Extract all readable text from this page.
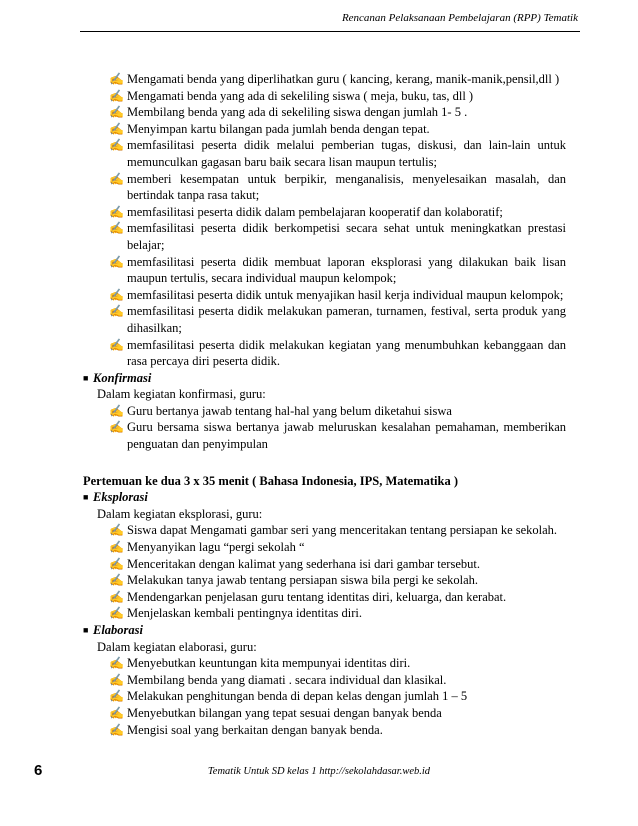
Rencanan Pelaksanaan Pembelajaran (RPP) Tematik
✍ Mengamati benda yang diperlihatkan guru ( kancing, kerang, manik-manik,pensil,dll )
✍ Mengamati benda yang ada di sekeliling siswa ( meja, buku, tas, dll )
✍ Membilang benda yang ada di sekeliling siswa dengan jumlah 1- 5 .
✍ Menyimpan kartu bilangan pada jumlah benda dengan tepat.
✍ memfasilitasi peserta didik melalui pemberian tugas, diskusi, dan lain-lain untuk memunculkan gagasan baru baik secara lisan maupun tertulis;
✍ memberi kesempatan untuk berpikir, menganalisis, menyelesaikan masalah, dan bertindak tanpa rasa takut;
✍ memfasilitasi peserta didik dalam pembelajaran kooperatif dan kolaboratif;
✍ memfasilitasi peserta didik berkompetisi secara sehat untuk meningkatkan prestasi belajar;
✍ memfasilitasi peserta didik membuat laporan eksplorasi yang dilakukan baik lisan maupun tertulis, secara individual maupun kelompok;
✍ memfasilitasi peserta didik untuk menyajikan hasil kerja individual maupun kelompok;
✍ memfasilitasi peserta didik melakukan pameran, turnamen, festival, serta produk yang dihasilkan;
✍ memfasilitasi peserta didik melakukan kegiatan yang menumbuhkan kebanggaan dan rasa percaya diri peserta didik.
■ Konfirmasi
Dalam kegiatan konfirmasi, guru:
✍ Guru bertanya jawab tentang hal-hal yang belum diketahui siswa
✍ Guru bersama siswa bertanya jawab meluruskan kesalahan pemahaman, memberikan penguatan dan penyimpulan
Pertemuan ke dua 3 x 35 menit ( Bahasa Indonesia, IPS, Matematika )
■ Eksplorasi
Dalam kegiatan eksplorasi, guru:
✍ Siswa dapat Mengamati gambar seri yang menceritakan tentang persiapan ke sekolah.
✍ Menyanyikan lagu “pergi sekolah “
✍ Menceritakan dengan kalimat yang sederhana isi dari gambar tersebut.
✍ Melakukan tanya jawab tentang persiapan siswa bila pergi ke sekolah.
✍ Mendengarkan penjelasan guru tentang identitas diri, keluarga, dan kerabat.
✍ Menjelaskan kembali pentingnya identitas diri.
■ Elaborasi
Dalam kegiatan elaborasi, guru:
✍ Menyebutkan keuntungan kita mempunyai identitas diri.
✍ Membilang benda yang diamati . secara individual dan klasikal.
✍ Melakukan penghitungan benda di depan kelas dengan jumlah 1 – 5
✍ Menyebutkan bilangan yang tepat sesuai dengan banyak benda
✍ Mengisi soal yang berkaitan dengan banyak benda.
6	Tematik Untuk SD kelas 1 http://sekolahdasar.web.id
